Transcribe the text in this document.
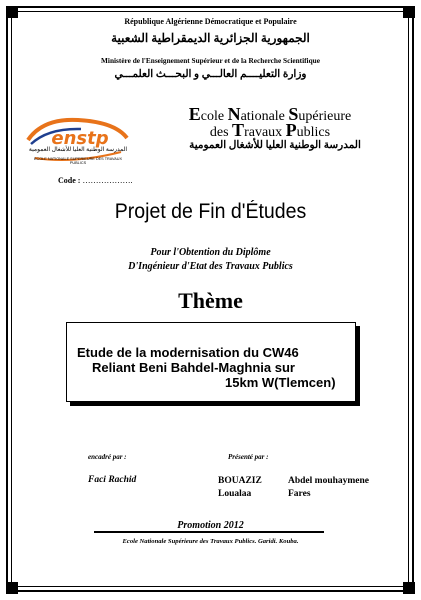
République Algérienne Démocratique et Populaire
الجمهورية الجزائرية الديمقراطية الشعبية
Ministère de l'Enseignement Supérieur et de la Recherche Scientifique
وزارة التعليــــم العالـــي و البحـــث العلمـــي
Ecole Nationale Supérieure
des Travaux Publics
المدرسة الوطنية العليا للأشغال العمومية
enstp
المدرسة الوطنية العليا للأشغال العمومية
ECOLE NATIONALE SUPERIEURE DES TRAVAUX PUBLICS
Code : ……………….
Projet de Fin d'Études
Pour l'Obtention du Diplôme
D'Ingénieur d'Etat des Travaux Publics
Thème
Etude de la modernisation du CW46
Reliant Beni Bahdel-Maghnia sur
15km W(Tlemcen)
encadré par :	Présenté par :
Faci Rachid	BOUAZIZ	Abdel mouhaymene
Loualaa	Fares
Promotion 2012
Ecole Nationale Supérieure des Travaux Publics. Garidi. Kouba.
